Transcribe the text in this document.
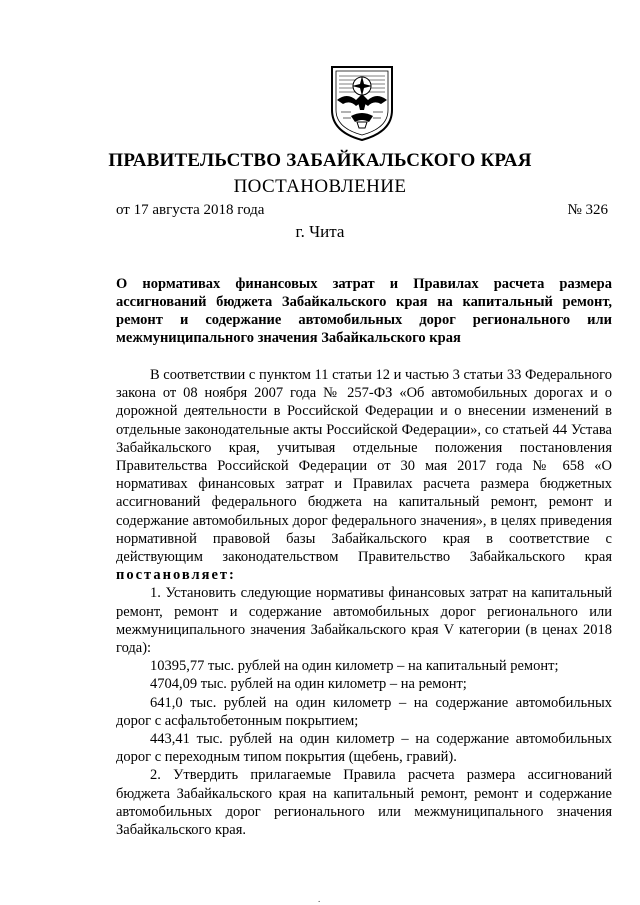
ПРАВИТЕЛЬСТВО ЗАБАЙКАЛЬСКОГО КРАЯ
ПОСТАНОВЛЕНИЕ
от 17 августа 2018 года	№ 326
г. Чита
О нормативах финансовых затрат и Правилах расчета размера ассигнований бюджета Забайкальского края на капитальный ремонт, ремонт и содержание автомобильных дорог регионального или межмуниципального значения Забайкальского края

В соответствии с пунктом 11 статьи 12 и частью 3 статьи 33 Федерального закона от 08 ноября 2007 года № 257-ФЗ «Об автомобильных дорогах и о дорожной деятельности в Российской Федерации и о внесении изменений в отдельные законодательные акты Российской Федерации», со статьей 44 Устава Забайкальского края, учитывая отдельные положения постановления Правительства Российской Федерации от 30 мая 2017 года № 658 «О нормативах финансовых затрат и Правилах расчета размера бюджетных ассигнований федерального бюджета на капитальный ремонт, ремонт и содержание автомобильных дорог федерального значения», в целях приведения нормативной правовой базы Забайкальского края в соответствие с действующим законодательством Правительство Забайкальского края постановляет:

1. Установить следующие нормативы финансовых затрат на капитальный ремонт, ремонт и содержание автомобильных дорог регионального или межмуниципального значения Забайкальского края V категории (в ценах 2018 года):

10395,77 тыс. рублей на один километр – на капитальный ремонт;

4704,09 тыс. рублей на один километр – на ремонт;

641,0 тыс. рублей на один километр – на содержание автомобильных дорог с асфальтобетонным покрытием;

443,41 тыс. рублей на один километр – на содержание автомобильных дорог с переходным типом покрытия (щебень, гравий).

2. Утвердить прилагаемые Правила расчета размера ассигнований бюджета Забайкальского края на капитальный ремонт, ремонт и содержание автомобильных дорог регионального или межмуниципального значения Забайкальского края.

.
